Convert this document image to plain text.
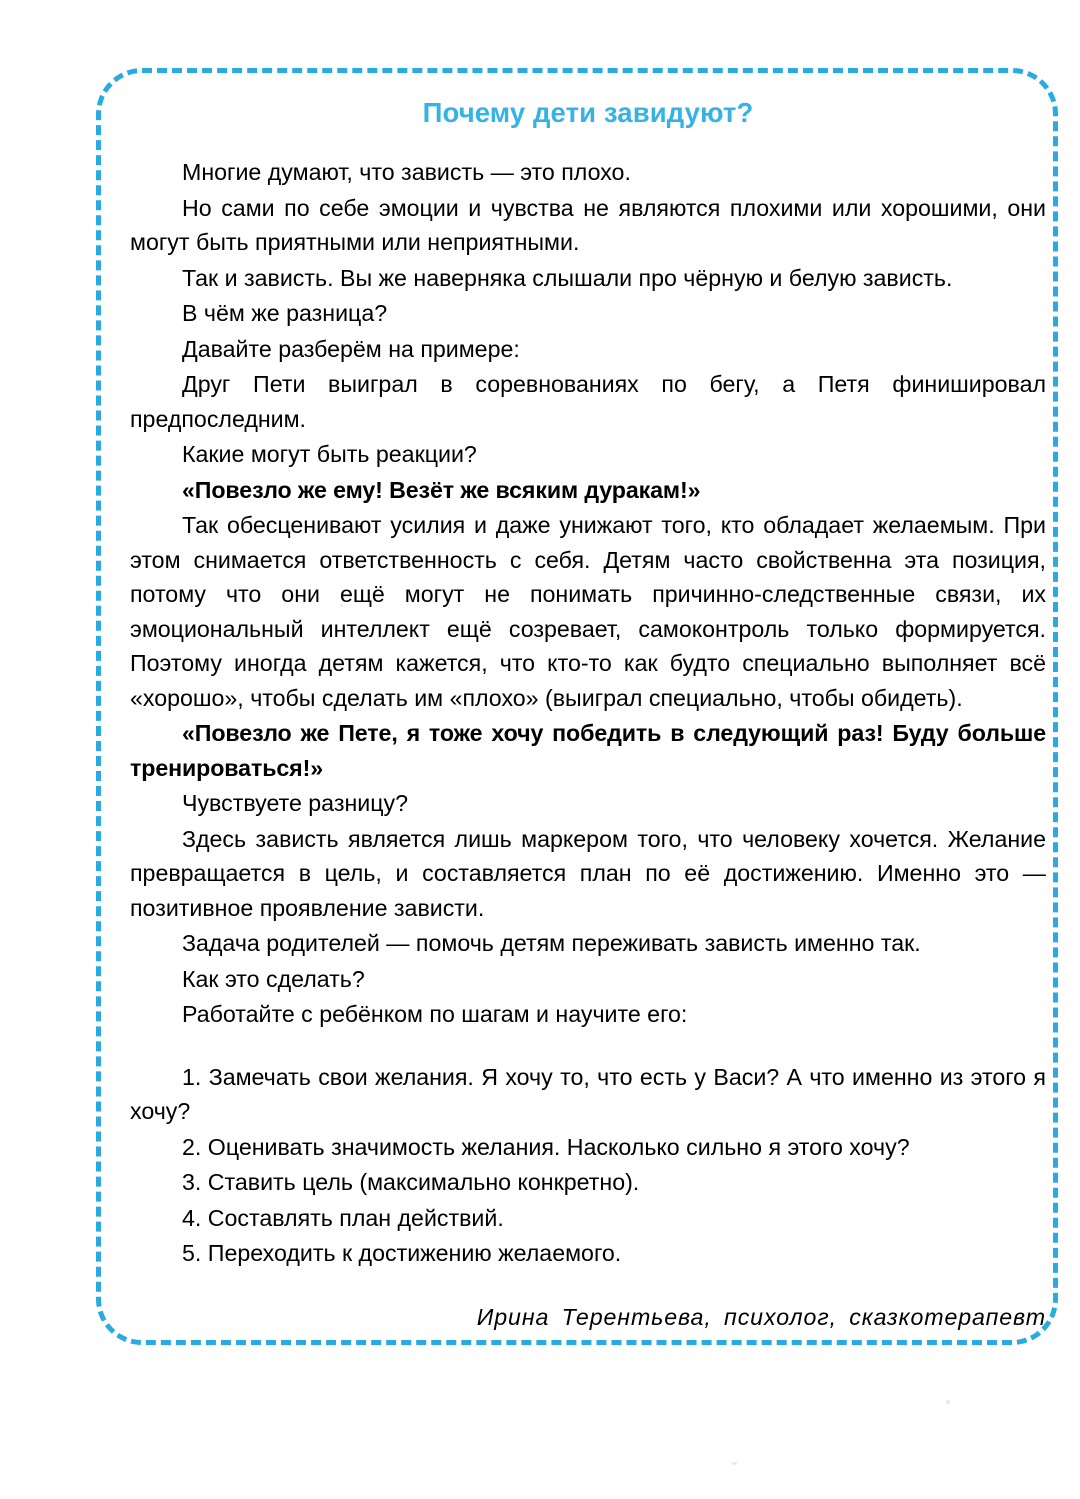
Почему дети завидуют?

Многие думают, что зависть — это плохо.

Но сами по себе эмоции и чувства не являются плохими или хорошими, они могут быть приятными или неприятными.

Так и зависть. Вы же наверняка слышали про чёрную и белую зависть.

В чём же разница?

Давайте разберём на примере:

Друг Пети выиграл в соревнованиях по бегу, а Петя финишировал предпоследним.

Какие могут быть реакции?

«Повезло же ему! Везёт же всяким дуракам!»

Так обесценивают усилия и даже унижают того, кто обладает желаемым. При этом снимается ответственность с себя. Детям часто свойственна эта позиция, потому что они ещё могут не понимать причинно-следственные связи, их эмоциональный интеллект ещё созревает, самоконтроль только формируется. Поэтому иногда детям кажется, что кто-то как будто специально выполняет всё «хорошо», чтобы сделать им «плохо» (выиграл специально, чтобы обидеть).

«Повезло же Пете, я тоже хочу победить в следующий раз! Буду больше тренироваться!»

Чувствуете разницу?

Здесь зависть является лишь маркером того, что человеку хочется. Желание превращается в цель, и составляется план по её достижению. Именно это — позитивное проявление зависти.

Задача родителей — помочь детям переживать зависть именно так.

Как это сделать?

Работайте с ребёнком по шагам и научите его:

1. Замечать свои желания. Я хочу то, что есть у Васи? А что именно из этого я хочу?

2. Оценивать значимость желания. Насколько сильно я этого хочу?

3. Ставить цель (максимально конкретно).

4. Составлять план действий.

5. Переходить к достижению желаемого.

Ирина Терентьева, психолог, сказкотерапевт
